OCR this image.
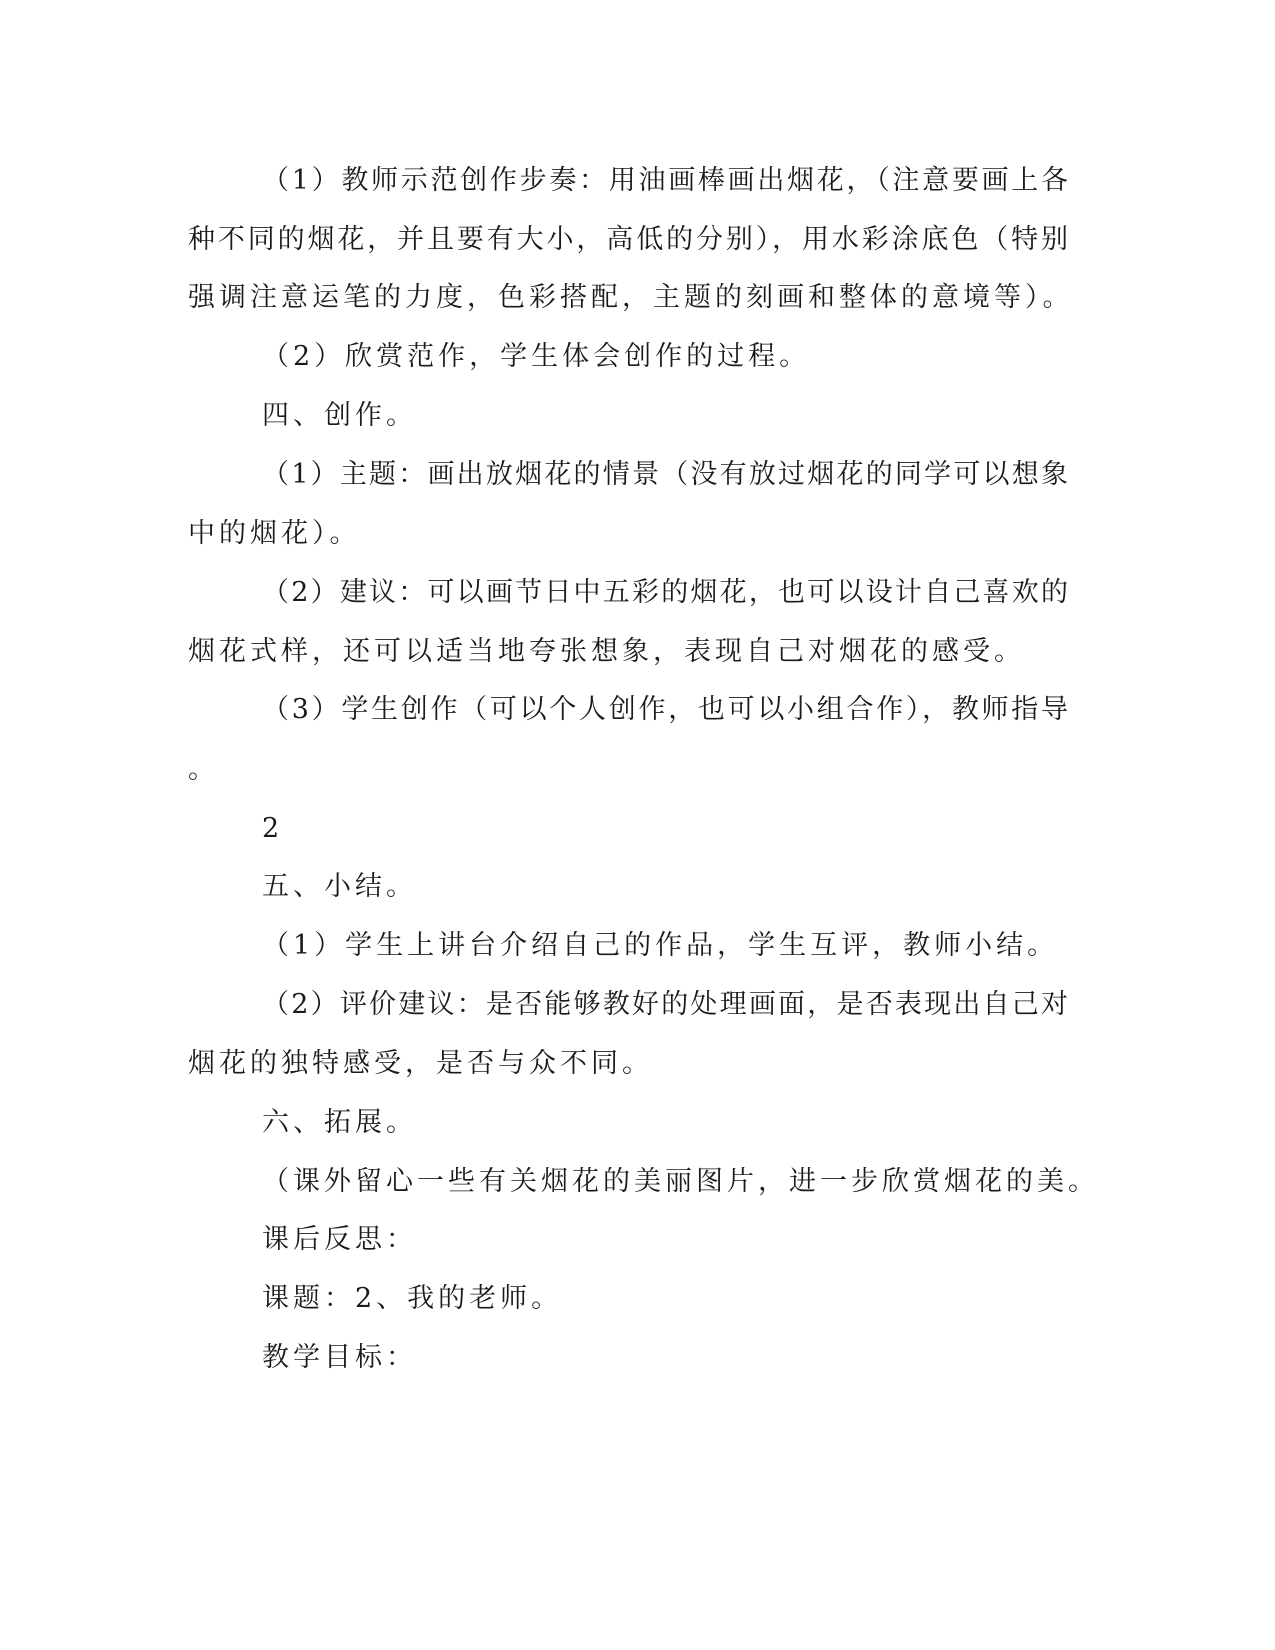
（1）教师示范创作步奏：用油画棒画出烟花，（注意要画上各
种不同的烟花，并且要有大小，高低的分别），用水彩涂底色（特别
强调注意运笔的力度，色彩搭配，主题的刻画和整体的意境等）。
（2）欣赏范作，学生体会创作的过程。
四、创作。
（1）主题：画出放烟花的情景（没有放过烟花的同学可以想象
中的烟花）。
（2）建议：可以画节日中五彩的烟花，也可以设计自己喜欢的
烟花式样，还可以适当地夸张想象，表现自己对烟花的感受。
（3）学生创作（可以个人创作，也可以小组合作），教师指导
。
2
五、小结。
（1）学生上讲台介绍自己的作品，学生互评，教师小结。
（2）评价建议：是否能够教好的处理画面，是否表现出自己对
烟花的独特感受，是否与众不同。
六、拓展。
（课外留心一些有关烟花的美丽图片，进一步欣赏烟花的美。
课后反思：
课题：2、我的老师。
教学目标：
